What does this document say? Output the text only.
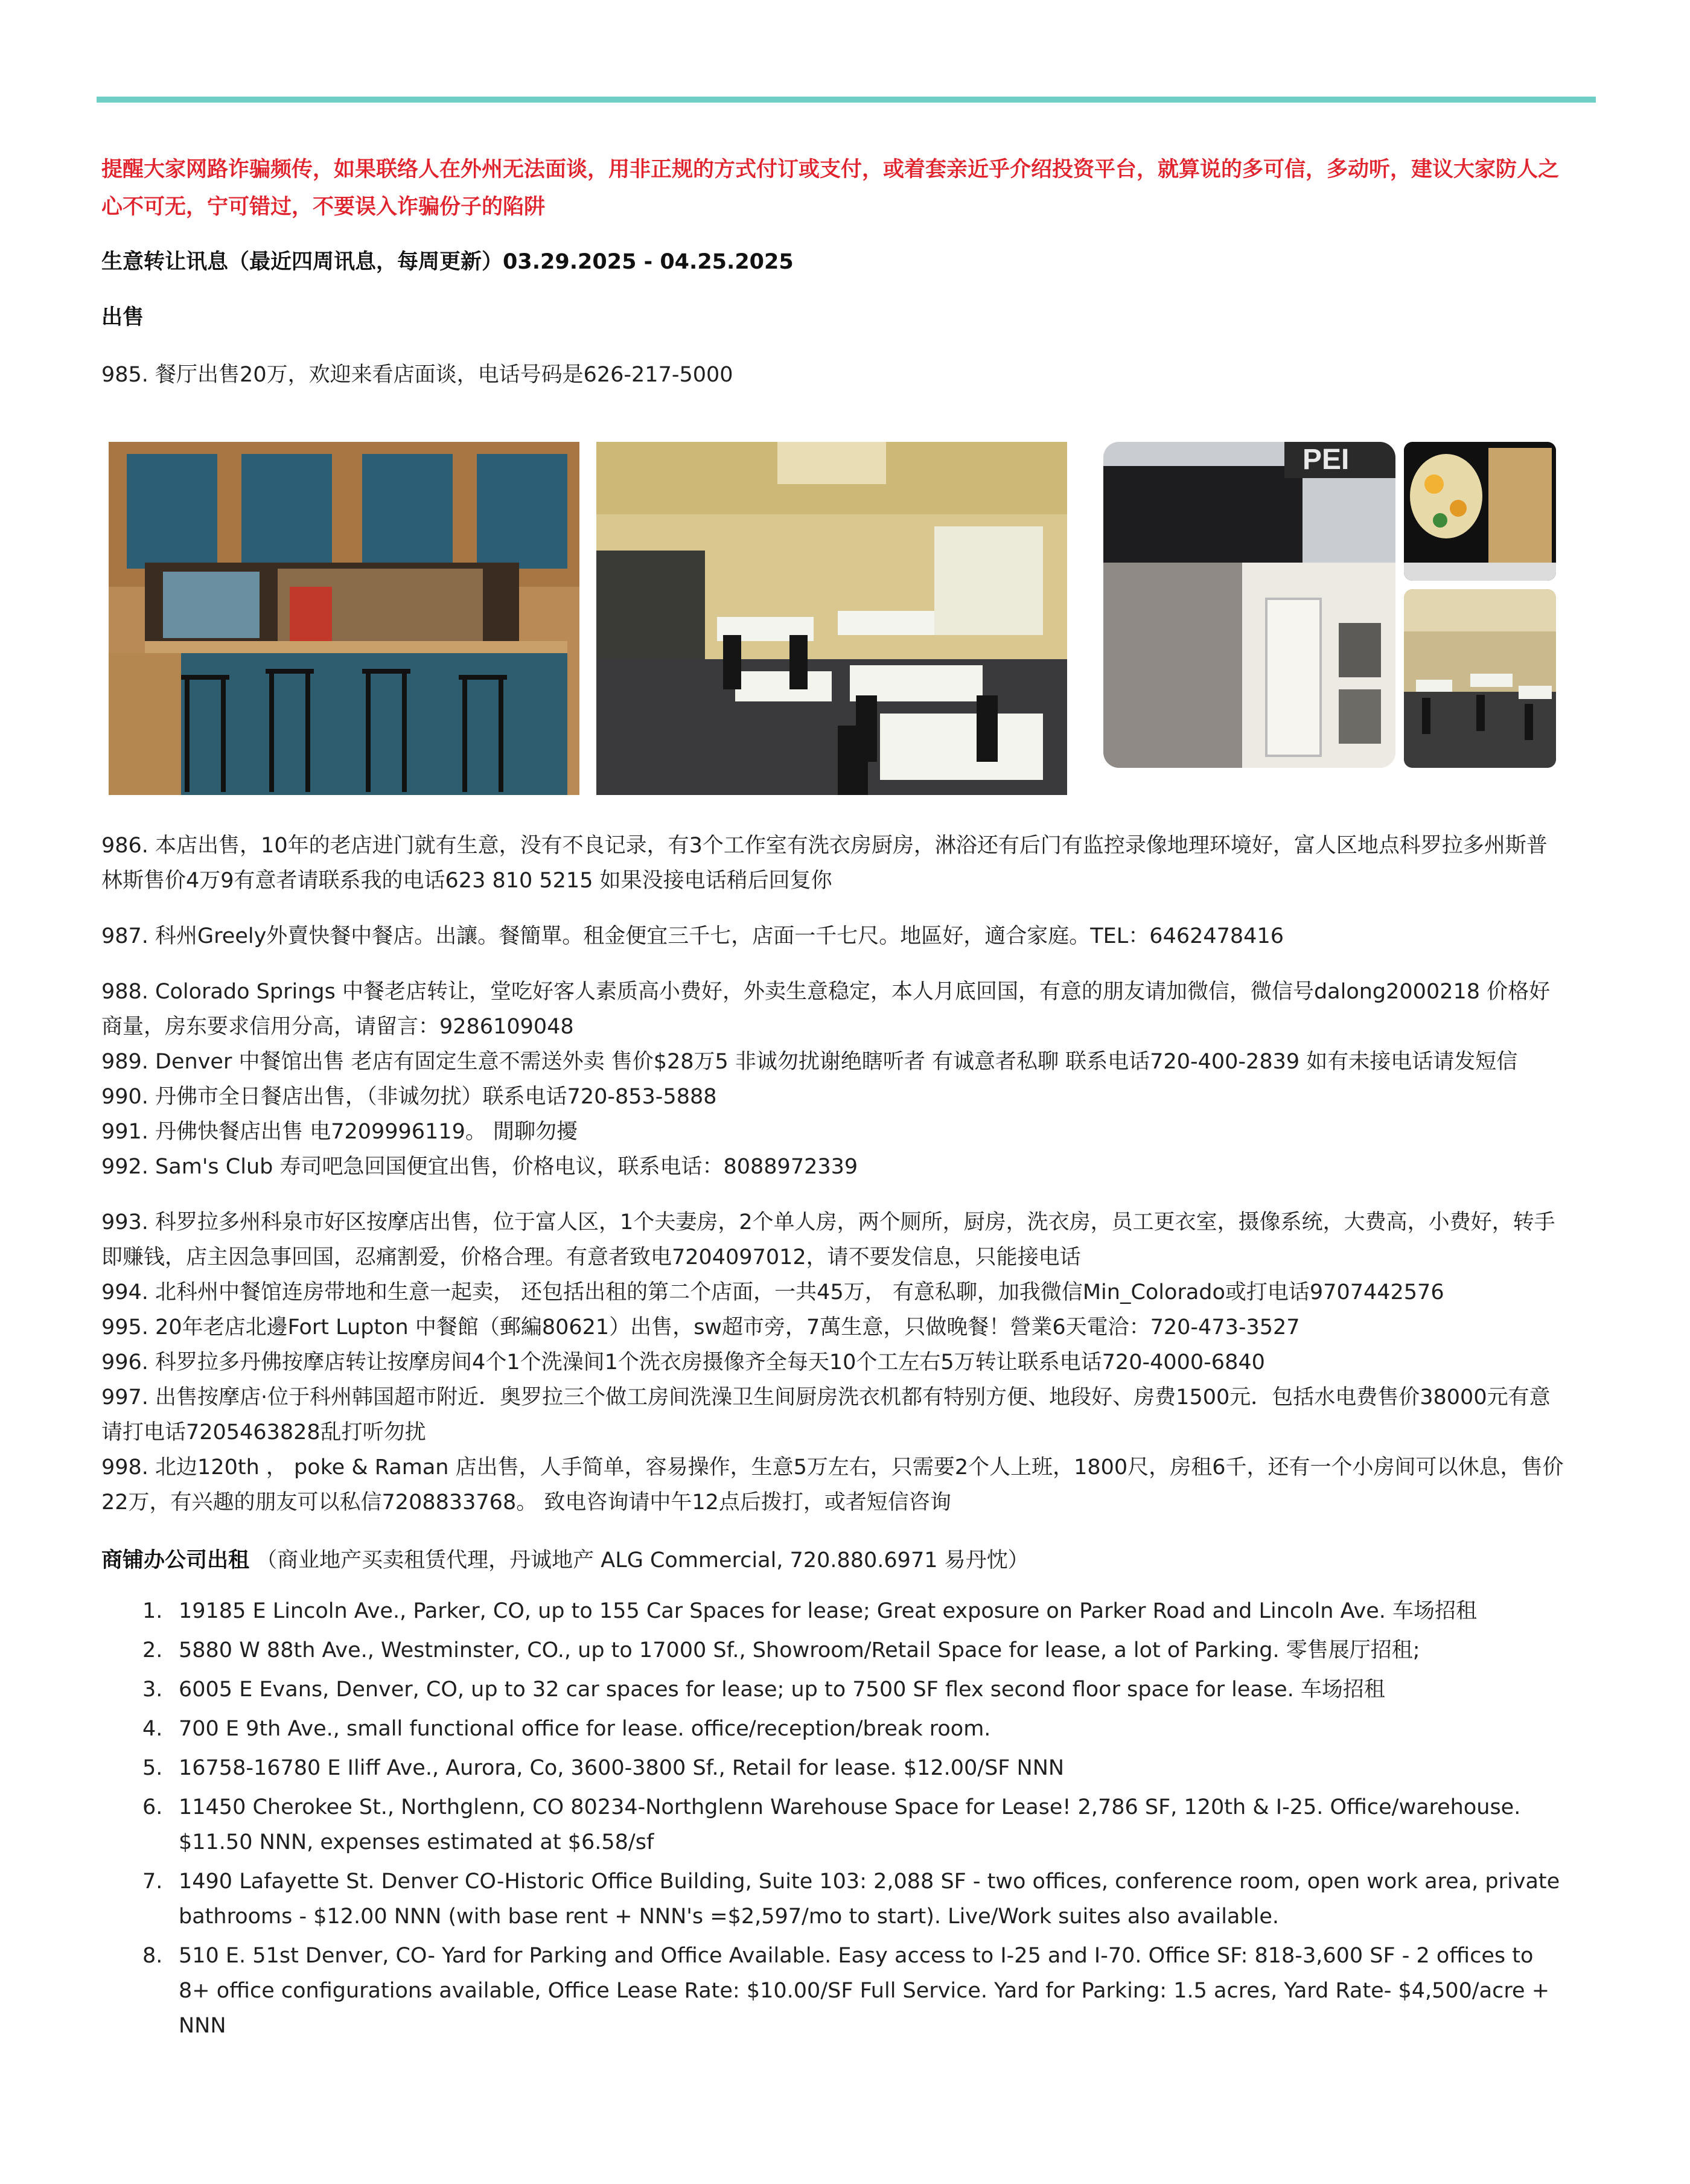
提醒大家网路诈骗频传，如果联络人在外州无法面谈，用非正规的方式付订或支付，或着套亲近乎介绍投资平台，就算说的多可信，多动听，建议大家防人之心不可无，宁可错过，不要误入诈骗份子的陷阱

生意转让讯息（最近四周讯息，每周更新）03.29.2025 - 04.25.2025

出售

985. 餐厅出售20万，欢迎来看店面谈，电话号码是626-217-5000

PEI

986. 本店出售，10年的老店进门就有生意，没有不良记录，有3个工作室有洗衣房厨房，淋浴还有后门有监控录像地理环境好，富人区地点科罗拉多州斯普林斯售价4万9有意者请联系我的电话623 810 5215 如果没接电话稍后回复你

987. 科州Greely外賣快餐中餐店。出讓。餐簡單。租金便宜三千七，店面一千七尺。地區好，適合家庭。TEL：6462478416

988. Colorado Springs 中餐老店转让，堂吃好客人素质高小费好，外卖生意稳定，本人月底回国，有意的朋友请加微信，微信号dalong2000218 价格好商量，房东要求信用分高，请留言：9286109048

989. Denver 中餐馆出售 老店有固定生意不需送外卖 售价$28万5 非诚勿扰谢绝瞎听者 有诚意者私聊 联系电话720-400-2839 如有未接电话请发短信

990. 丹佛市全日餐店出售，（非诚勿扰）联系电话720-853-5888

991. 丹佛快餐店出售 电7209996119。 閒聊勿擾

992. Sam's Club 寿司吧急回国便宜出售，价格电议，联系电话：8088972339

993. 科罗拉多州科泉市好区按摩店出售，位于富人区，1个夫妻房，2个单人房，两个厕所，厨房，洗衣房，员工更衣室，摄像系统，大费高，小费好，转手即赚钱，店主因急事回国，忍痛割爱，价格合理。有意者致电7204097012，请不要发信息，只能接电话

994. 北科州中餐馆连房带地和生意一起卖， 还包括出租的第二个店面，一共45万， 有意私聊，加我微信Min_Colorado或打电话9707442576

995. 20年老店北邊Fort Lupton 中餐館（郵編80621）出售，sw超市旁，7萬生意，只做晚餐！營業6天電洽：720-473-3527

996. 科罗拉多丹佛按摩店转让按摩房间4个1个洗澡间1个洗衣房摄像齐全每天10个工左右5万转让联系电话720-4000-6840

997. 出售按摩店·位于科州韩国超市附近．奥罗拉三个做工房间洗澡卫生间厨房洗衣机都有特别方便、地段好、房费1500元．包括水电费售价38000元有意请打电话7205463828乱打听勿扰

998. 北边120th ， poke & Raman 店出售，人手简单，容易操作，生意5万左右，只需要2个人上班，1800尺，房租6千，还有一个小房间可以休息，售价22万，有兴趣的朋友可以私信7208833768。 致电咨询请中午12点后拨打，或者短信咨询

商铺办公司出租 （商业地产买卖租赁代理，丹诚地产 ALG Commercial, 720.880.6971 易丹忱）

1. 19185 E Lincoln Ave., Parker, CO, up to 155 Car Spaces for lease; Great exposure on Parker Road and Lincoln Ave. 车场招租
2. 5880 W 88th Ave., Westminster, CO., up to 17000 Sf., Showroom/Retail Space for lease, a lot of Parking. 零售展厅招租;
3. 6005 E Evans, Denver, CO, up to 32 car spaces for lease; up to 7500 SF flex second floor space for lease. 车场招租
4. 700 E 9th Ave., small functional office for lease. office/reception/break room.
5. 16758-16780 E Iliff Ave., Aurora, Co, 3600-3800 Sf., Retail for lease. $12.00/SF NNN
6. 11450 Cherokee St., Northglenn, CO 80234-Northglenn Warehouse Space for Lease! 2,786 SF, 120th & I-25. Office/warehouse. $11.50 NNN, expenses estimated at $6.58/sf
7. 1490 Lafayette St. Denver CO-Historic Office Building, Suite 103: 2,088 SF - two offices, conference room, open work area, private bathrooms - $12.00 NNN (with base rent + NNN's =$2,597/mo to start). Live/Work suites also available.
8. 510 E. 51st Denver, CO- Yard for Parking and Office Available. Easy access to I-25 and I-70. Office SF: 818-3,600 SF - 2 offices to 8+ office configurations available, Office Lease Rate: $10.00/SF Full Service. Yard for Parking: 1.5 acres, Yard Rate- $4,500/acre + NNN
